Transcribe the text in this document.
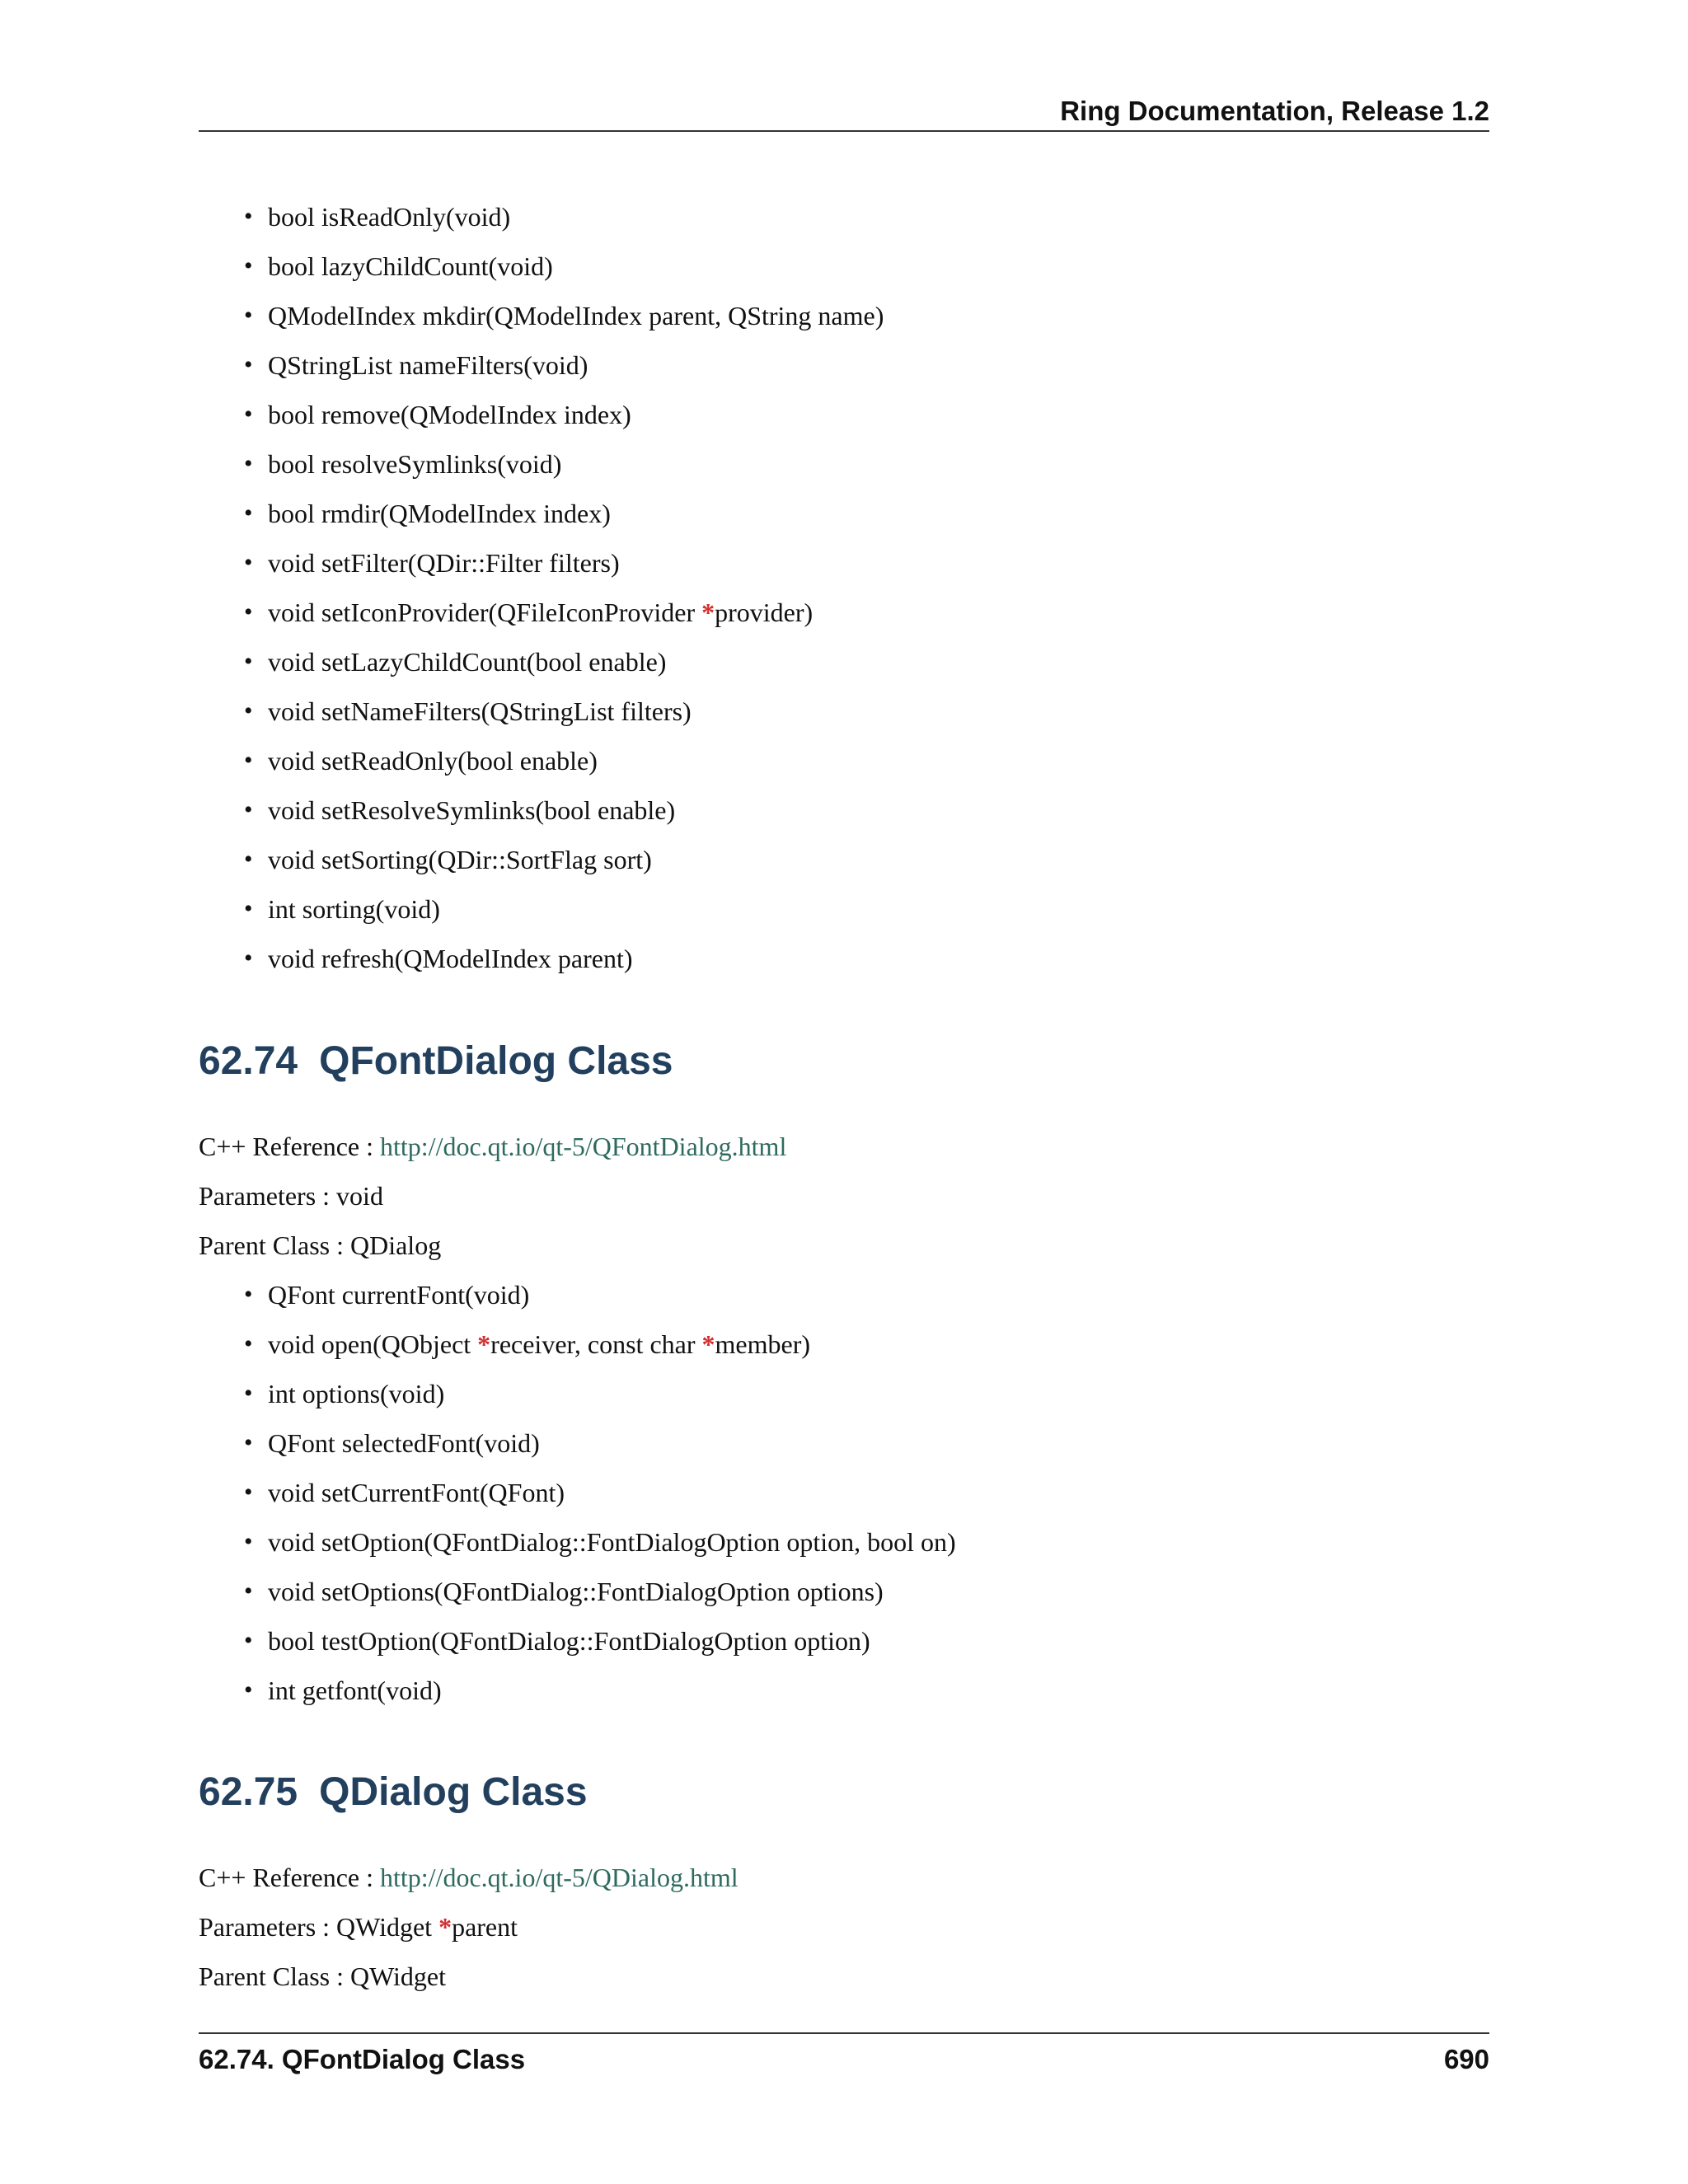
Ring Documentation, Release 1.2
• bool isReadOnly(void)
• bool lazyChildCount(void)
• QModelIndex mkdir(QModelIndex parent, QString name)
• QStringList nameFilters(void)
• bool remove(QModelIndex index)
• bool resolveSymlinks(void)
• bool rmdir(QModelIndex index)
• void setFilter(QDir::Filter filters)
• void setIconProvider(QFileIconProvider *provider)
• void setLazyChildCount(bool enable)
• void setNameFilters(QStringList filters)
• void setReadOnly(bool enable)
• void setResolveSymlinks(bool enable)
• void setSorting(QDir::SortFlag sort)
• int sorting(void)
• void refresh(QModelIndex parent)
62.74 QFontDialog Class
C++ Reference : http://doc.qt.io/qt-5/QFontDialog.html
Parameters : void
Parent Class : QDialog
• QFont currentFont(void)
• void open(QObject *receiver, const char *member)
• int options(void)
• QFont selectedFont(void)
• void setCurrentFont(QFont)
• void setOption(QFontDialog::FontDialogOption option, bool on)
• void setOptions(QFontDialog::FontDialogOption options)
• bool testOption(QFontDialog::FontDialogOption option)
• int getfont(void)
62.75 QDialog Class
C++ Reference : http://doc.qt.io/qt-5/QDialog.html
Parameters : QWidget *parent
Parent Class : QWidget
62.74. QFontDialog Class	690
